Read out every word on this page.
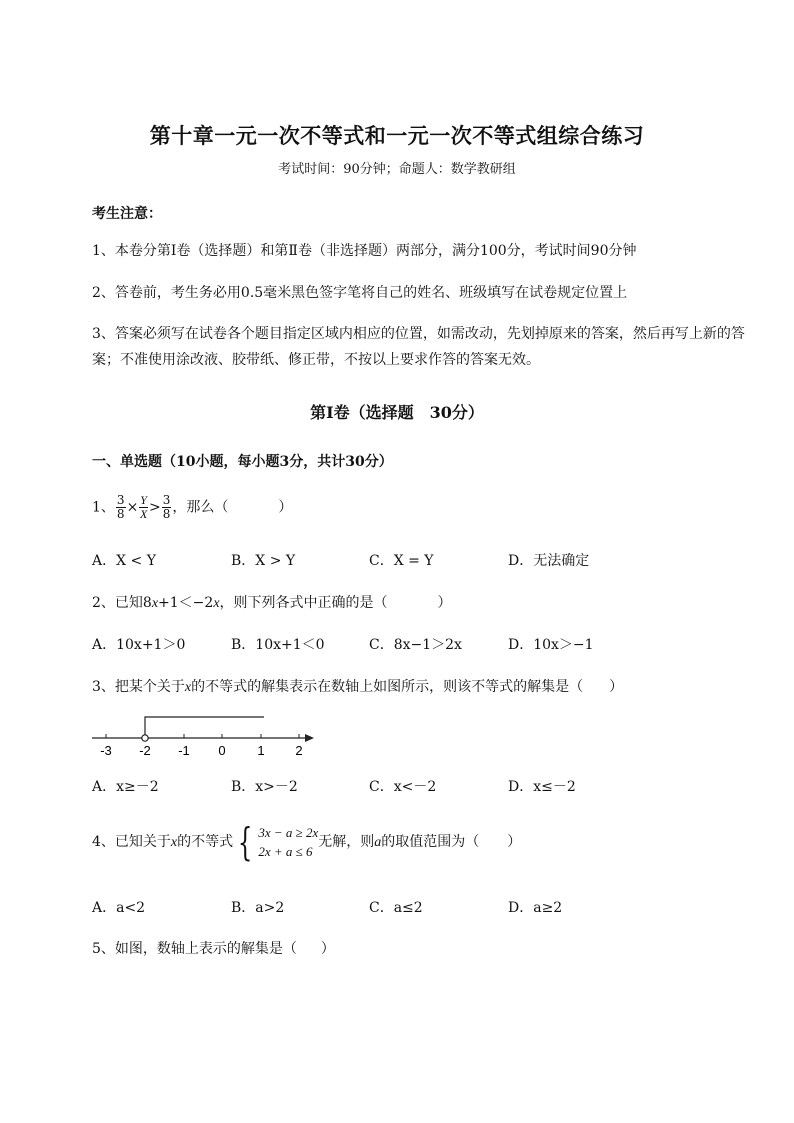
第十章一元一次不等式和一元一次不等式组综合练习
考试时间：90分钟；命题人：数学教研组
考生注意：
1、本卷分第I卷（选择题）和第Ⅱ卷（非选择题）两部分，满分100分，考试时间90分钟
2、答卷前，考生务必用0.5毫米黑色签字笔将自己的姓名、班级填写在试卷规定位置上
3、答案必须写在试卷各个题目指定区域内相应的位置，如需改动，先划掉原来的答案，然后再写上新的答案；不准使用涂改液、胶带纸、修正带，不按以上要求作答的答案无效。
第I卷（选择题　30分）
一、单选题（10小题，每小题3分，共计30分）
1、 $\frac{3}{8} \times \frac{Y}{X} > \frac{3}{8}$ ，那么（	）
A．X < Y	B．X > Y	C．X = Y	D．无法确定
2、已知8x+1＜−2x，则下列各式中正确的是（	）
A．10x+1＞0	B．10x+1＜0	C．8x−1＞2x	D．10x＞−1
3、把某个关于x的不等式的解集表示在数轴上如图所示，则该不等式的解集是（ ）
-3 -2 -1 0 1 2
A．x≥－2	B．x>－2	C．x<－2	D．x≤－2
4、已知关于x的不等式 { 3x − a ≥ 2x
2x + a ≤ 6
无解，则a的取值范围为（ ）
A．a<2	B．a>2	C．a≤2	D．a≥2
5、如图，数轴上表示的解集是（ ）
